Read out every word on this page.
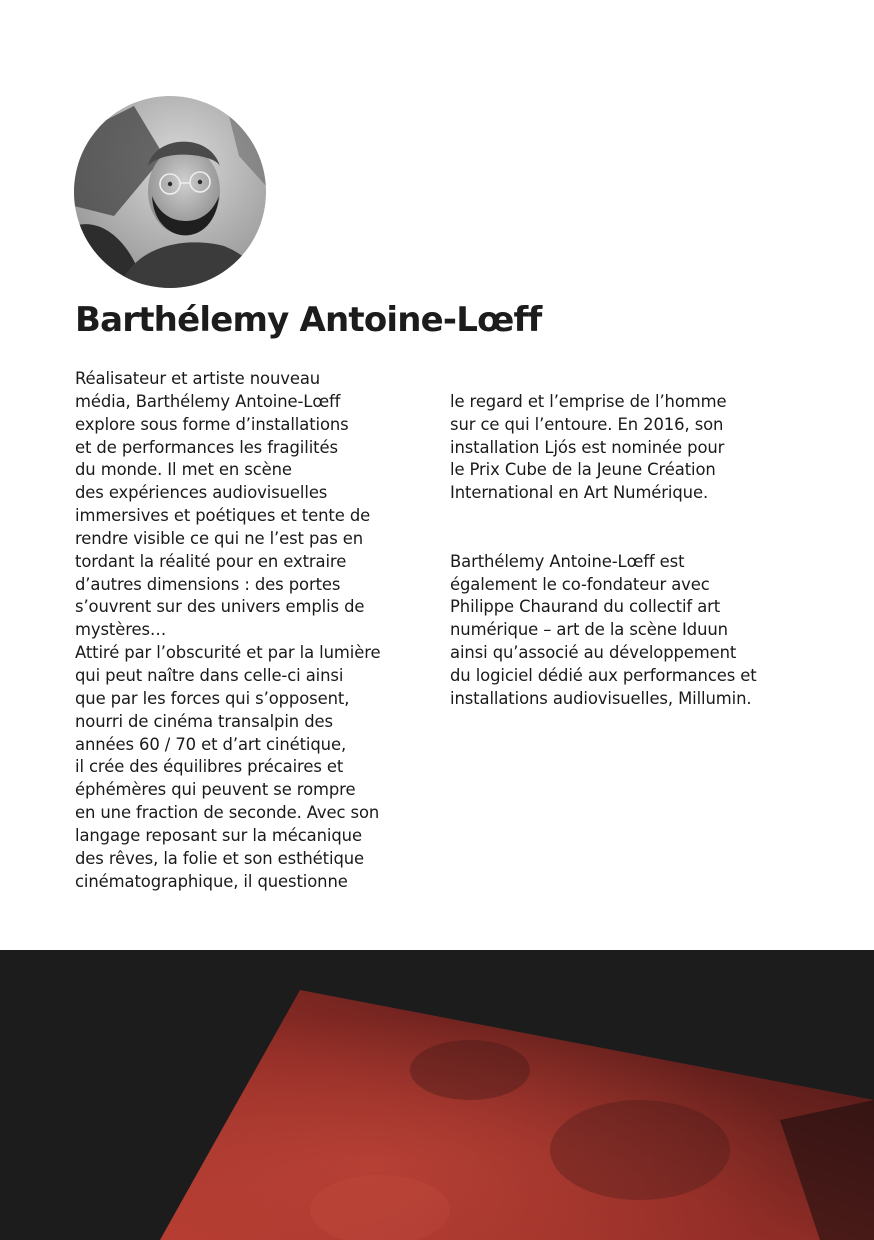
Barthélemy Antoine-Lœff
Réalisateur et artiste nouveau
média, Barthélemy Antoine-Lœff
explore sous forme d’installations
et de performances les fragilités
du monde. Il met en scène
des expériences audiovisuelles
immersives et poétiques et tente de
rendre visible ce qui ne l’est pas en
tordant la réalité pour en extraire
d’autres dimensions : des portes
s’ouvrent sur des univers emplis de
mystères…
Attiré par l’obscurité et par la lumière
qui peut naître dans celle-ci ainsi
que par les forces qui s’opposent,
nourri de cinéma transalpin des
années 60 / 70 et d’art cinétique,
il crée des équilibres précaires et
éphémères qui peuvent se rompre
en une fraction de seconde. Avec son
langage reposant sur la mécanique
des rêves, la folie et son esthétique
cinématographique, il questionne

le regard et l’emprise de l’homme
sur ce qui l’entoure. En 2016, son
installation Ljós est nominée pour
le Prix Cube de la Jeune Création
International en Art Numérique.

Barthélemy Antoine-Lœff est
également le co-fondateur avec
Philippe Chaurand du collectif art
numérique – art de la scène Iduun
ainsi qu’associé au développement
du logiciel dédié aux performances et
installations audiovisuelles, Millumin.
